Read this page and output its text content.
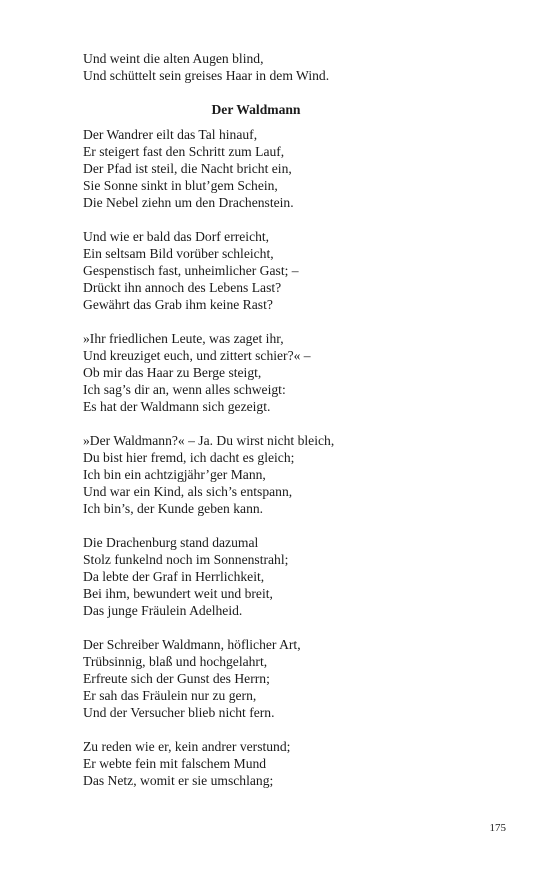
Und weint die alten Augen blind,
Und schüttelt sein greises Haar in dem Wind.
Der Waldmann
Der Wandrer eilt das Tal hinauf,
Er steigert fast den Schritt zum Lauf,
Der Pfad ist steil, die Nacht bricht ein,
Sie Sonne sinkt in blut’gem Schein,
Die Nebel ziehn um den Drachenstein.
Und wie er bald das Dorf erreicht,
Ein seltsam Bild vorüber schleicht,
Gespenstisch fast, unheimlicher Gast; –
Drückt ihn annoch des Lebens Last?
Gewährt das Grab ihm keine Rast?
»Ihr friedlichen Leute, was zaget ihr,
Und kreuziget euch, und zittert schier?« –
Ob mir das Haar zu Berge steigt,
Ich sag’s dir an, wenn alles schweigt:
Es hat der Waldmann sich gezeigt.
»Der Waldmann?« – Ja. Du wirst nicht bleich,
Du bist hier fremd, ich dacht es gleich;
Ich bin ein achtzigjähr’ger Mann,
Und war ein Kind, als sich’s entspann,
Ich bin’s, der Kunde geben kann.
Die Drachenburg stand dazumal
Stolz funkelnd noch im Sonnenstrahl;
Da lebte der Graf in Herrlichkeit,
Bei ihm, bewundert weit und breit,
Das junge Fräulein Adelheid.
Der Schreiber Waldmann, höflicher Art,
Trübsinnig, blaß und hochgelahrt,
Erfreute sich der Gunst des Herrn;
Er sah das Fräulein nur zu gern,
Und der Versucher blieb nicht fern.
Zu reden wie er, kein andrer verstund;
Er webte fein mit falschem Mund
Das Netz, womit er sie umschlang;
175
